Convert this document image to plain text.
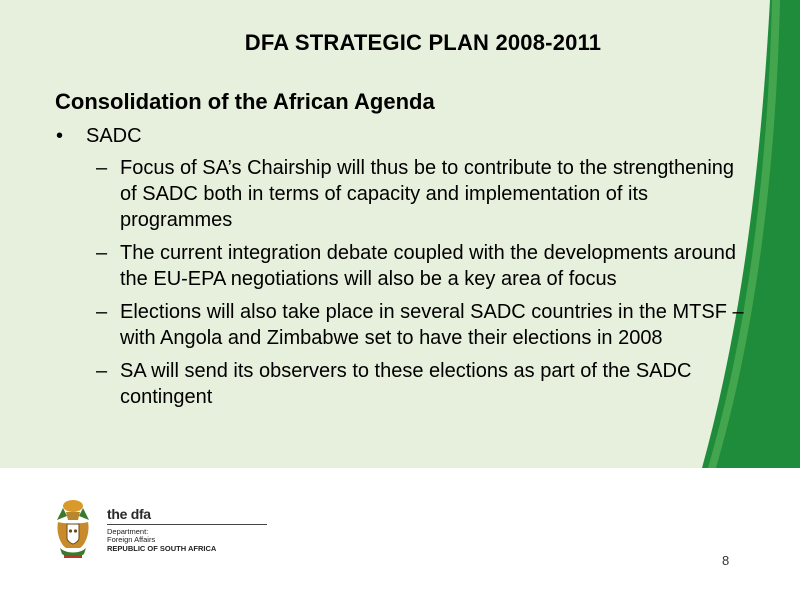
DFA STRATEGIC PLAN 2008-2011
Consolidation of the African Agenda
• SADC
– Focus of SA’s Chairship will thus be to contribute to the strengthening of SADC both in terms of capacity and implementation of its programmes
– The current integration debate coupled with the developments around the EU-EPA negotiations will also be a key area of focus
– Elections will also take place in several SADC countries in the MTSF – with Angola and Zimbabwe set to have their elections in 2008
– SA will send its observers to these elections as part of the SADC contingent
the dfa
Department:
Foreign Affairs
REPUBLIC OF SOUTH AFRICA
8
